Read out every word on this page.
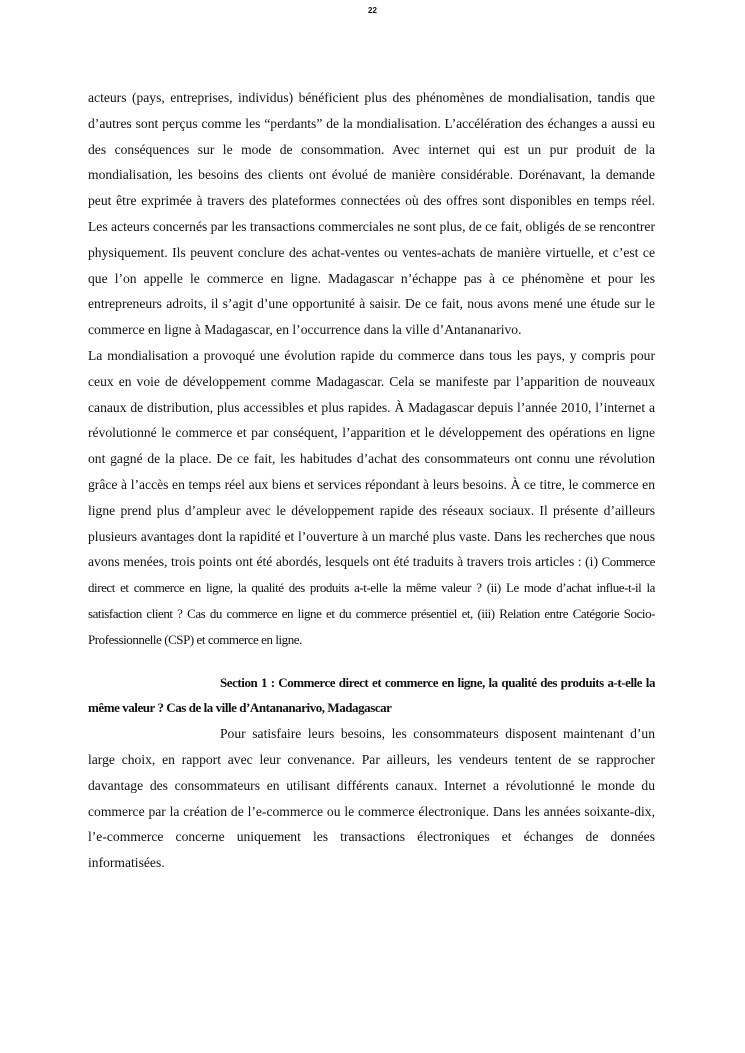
22

acteurs (pays, entreprises, individus) bénéficient plus des phénomènes de mondialisation, tandis que d’autres sont perçus comme les “perdants” de la mondialisation. L’accélération des échanges a aussi eu des conséquences sur le mode de consommation. Avec internet qui est un pur produit de la mondialisation, les besoins des clients ont évolué de manière considérable. Dorénavant, la demande peut être exprimée à travers des plateformes connectées où des offres sont disponibles en temps réel. Les acteurs concernés par les transactions commerciales ne sont plus, de ce fait, obligés de se rencontrer physiquement. Ils peuvent conclure des achat-ventes ou ventes-achats de manière virtuelle, et c’est ce que l’on appelle le commerce en ligne. Madagascar n’échappe pas à ce phénomène et pour les entrepreneurs adroits, il s’agit d’une opportunité à saisir. De ce fait, nous avons mené une étude sur le commerce en ligne à Madagascar, en l’occurrence dans la ville d’Antananarivo.

La mondialisation a provoqué une évolution rapide du commerce dans tous les pays, y compris pour ceux en voie de développement comme Madagascar. Cela se manifeste par l’apparition de nouveaux canaux de distribution, plus accessibles et plus rapides. À Madagascar depuis l’année 2010, l’internet a révolutionné le commerce et par conséquent, l’apparition et le développement des opérations en ligne ont gagné de la place. De ce fait, les habitudes d’achat des consommateurs ont connu une révolution grâce à l’accès en temps réel aux biens et services répondant à leurs besoins. À ce titre, le commerce en ligne prend plus d’ampleur avec le développement rapide des réseaux sociaux. Il présente d’ailleurs plusieurs avantages dont la rapidité et l’ouverture à un marché plus vaste. Dans les recherches que nous avons menées, trois points ont été abordés, lesquels ont été traduits à travers trois articles : (i) Commerce direct et commerce en ligne, la qualité des produits a-t-elle la même valeur ? (ii) Le mode d’achat influe-t-il la satisfaction client ? Cas du commerce en ligne et du commerce présentiel et, (iii) Relation entre Catégorie Socio-Professionnelle (CSP) et commerce en ligne.

Section 1 : Commerce direct et commerce en ligne, la qualité des produits a-t-elle la même valeur ? Cas de la ville d’Antananarivo, Madagascar

Pour satisfaire leurs besoins, les consommateurs disposent maintenant d’un large choix, en rapport avec leur convenance. Par ailleurs, les vendeurs tentent de se rapprocher davantage des consommateurs en utilisant différents canaux. Internet a révolutionné le monde du commerce par la création de l’e-commerce ou le commerce électronique. Dans les années soixante-dix, l’e-commerce concerne uniquement les transactions électroniques et échanges de données informatisées.
